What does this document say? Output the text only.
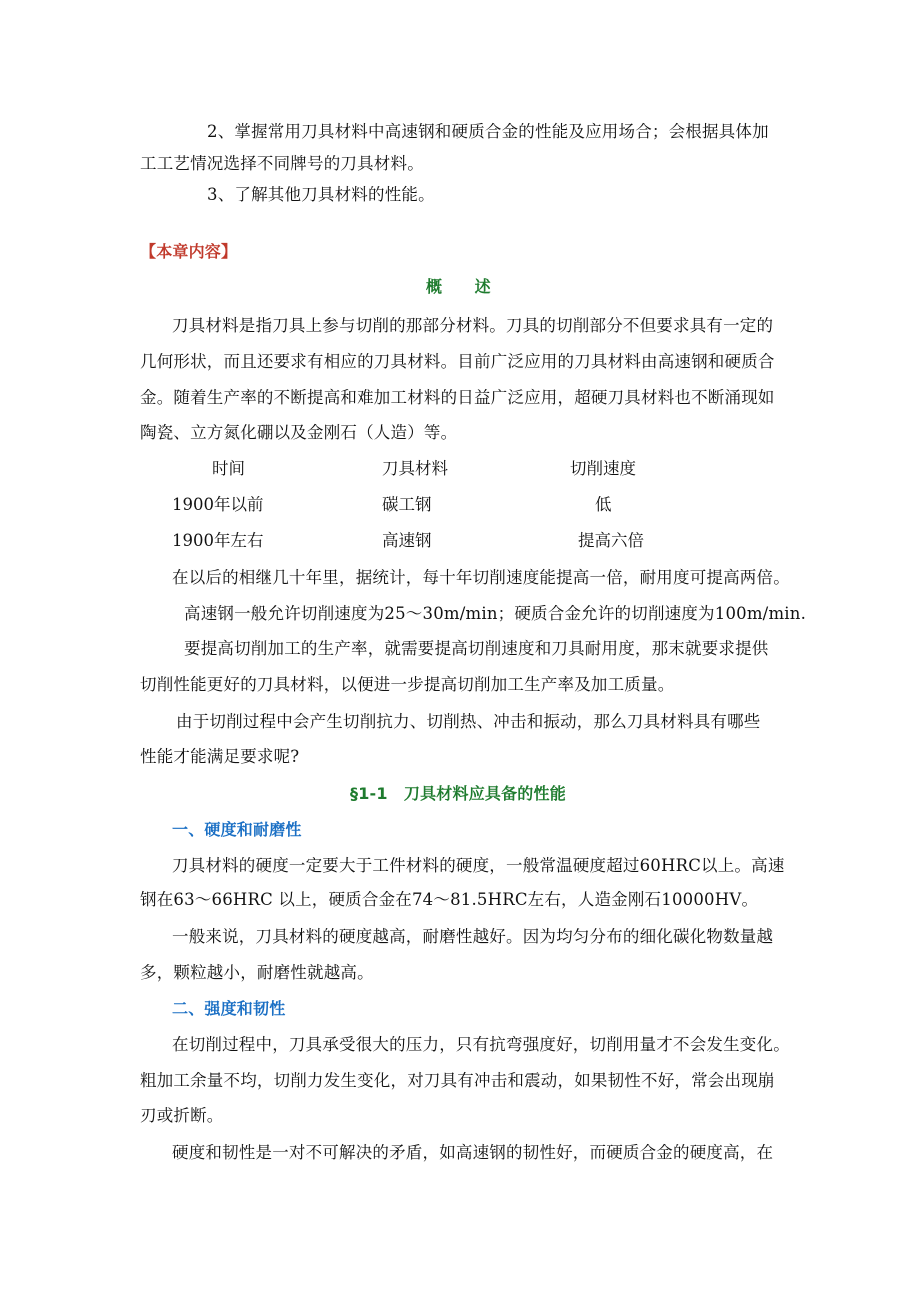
2、掌握常用刀具材料中高速钢和硬质合金的性能及应用场合；会根据具体加
工工艺情况选择不同牌号的刀具材料。
3、了解其他刀具材料的性能。
【本章内容】
概　　述
刀具材料是指刀具上参与切削的那部分材料。刀具的切削部分不但要求具有一定的
几何形状，而且还要求有相应的刀具材料。目前广泛应用的刀具材料由高速钢和硬质合
金。随着生产率的不断提高和难加工材料的日益广泛应用，超硬刀具材料也不断涌现如
陶瓷、立方氮化硼以及金刚石（人造）等。
时间	刀具材料	切削速度
1900年以前	碳工钢	低
1900年左右	高速钢	提高六倍
在以后的相继几十年里，据统计，每十年切削速度能提高一倍，耐用度可提高两倍。
高速钢一般允许切削速度为25～30m/min；硬质合金允许的切削速度为100m/min.
要提高切削加工的生产率，就需要提高切削速度和刀具耐用度，那末就要求提供
切削性能更好的刀具材料，以便进一步提高切削加工生产率及加工质量。
由于切削过程中会产生切削抗力、切削热、冲击和振动，那么刀具材料具有哪些
性能才能满足要求呢?
§1-1　刀具材料应具备的性能
一、硬度和耐磨性
刀具材料的硬度一定要大于工件材料的硬度，一般常温硬度超过60HRC以上。高速
钢在63～66HRC 以上，硬质合金在74～81.5HRC左右，人造金刚石10000HV。
一般来说，刀具材料的硬度越高，耐磨性越好。因为均匀分布的细化碳化物数量越
多，颗粒越小，耐磨性就越高。
二、强度和韧性
在切削过程中，刀具承受很大的压力，只有抗弯强度好，切削用量才不会发生变化。
粗加工余量不均，切削力发生变化，对刀具有冲击和震动，如果韧性不好，常会出现崩
刃或折断。
硬度和韧性是一对不可解决的矛盾，如高速钢的韧性好，而硬质合金的硬度高，在
